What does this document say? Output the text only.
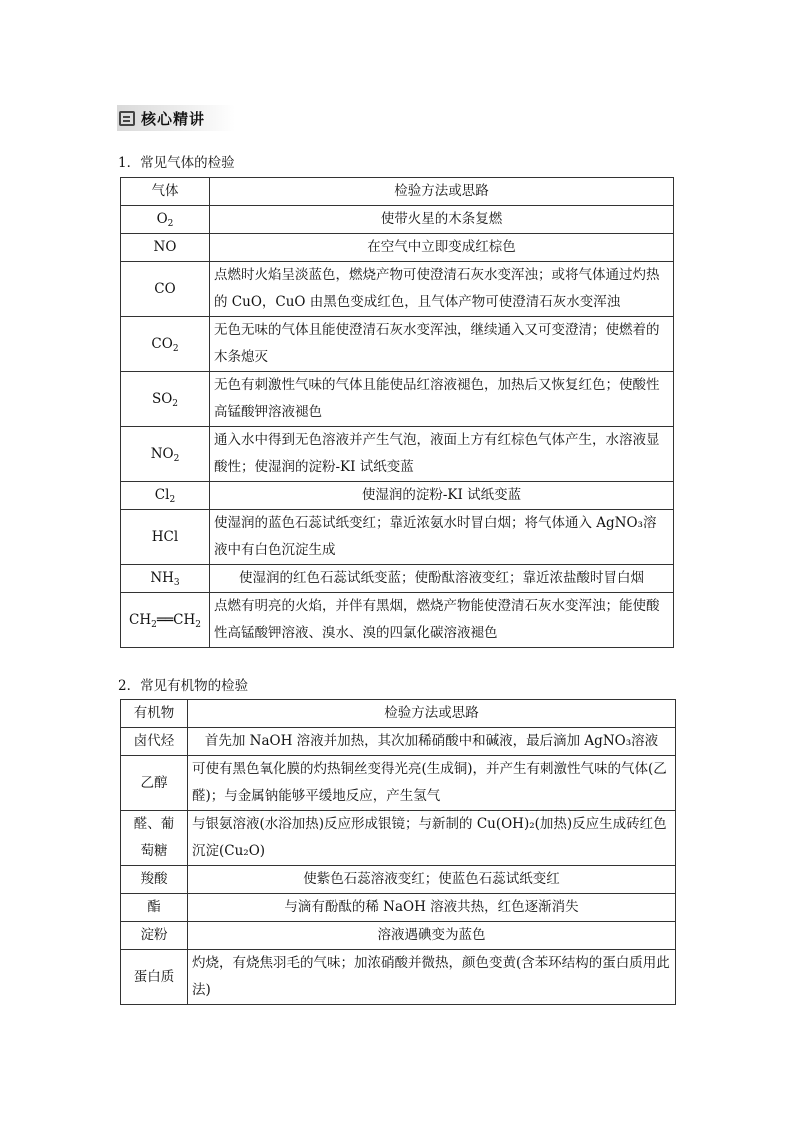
核心精讲
1．常见气体的检验
气体	检验方法或思路
$O_2$	使带火星的木条复燃
NO	在空气中立即变成红棕色
CO	点燃时火焰呈淡蓝色，燃烧产物可使澄清石灰水变浑浊；或将气体通过灼热的 CuO，CuO 由黑色变成红色，且气体产物可使澄清石灰水变浑浊
$CO_2$	无色无味的气体且能使澄清石灰水变浑浊，继续通入又可变澄清；使燃着的木条熄灭
$SO_2$	无色有刺激性气味的气体且能使品红溶液褪色，加热后又恢复红色；使酸性高锰酸钾溶液褪色
$NO_2$	通入水中得到无色溶液并产生气泡，液面上方有红棕色气体产生，水溶液显酸性；使湿润的淀粉-KI 试纸变蓝
$Cl_2$	使湿润的淀粉-KI 试纸变蓝
HCl	使湿润的蓝色石蕊试纸变红；靠近浓氨水时冒白烟；将气体通入 AgNO₃溶液中有白色沉淀生成
$NH_3$	使湿润的红色石蕊试纸变蓝；使酚酞溶液变红；靠近浓盐酸时冒白烟
$CH_2══CH_2$	点燃有明亮的火焰，并伴有黑烟，燃烧产物能使澄清石灰水变浑浊；能使酸性高锰酸钾溶液、溴水、溴的四氯化碳溶液褪色
2．常见有机物的检验
有机物	检验方法或思路
卤代烃	首先加 NaOH 溶液并加热，其次加稀硝酸中和碱液，最后滴加 AgNO₃溶液
乙醇	可使有黑色氧化膜的灼热铜丝变得光亮(生成铜)，并产生有刺激性气味的气体(乙醛)；与金属钠能够平缓地反应，产生氢气
醛、葡萄糖	与银氨溶液(水浴加热)反应形成银镜；与新制的 Cu(OH)₂(加热)反应生成砖红色沉淀(Cu₂O)
羧酸	使紫色石蕊溶液变红；使蓝色石蕊试纸变红
酯	与滴有酚酞的稀 NaOH 溶液共热，红色逐渐消失
淀粉	溶液遇碘变为蓝色
蛋白质	灼烧，有烧焦羽毛的气味；加浓硝酸并微热，颜色变黄(含苯环结构的蛋白质用此法)
